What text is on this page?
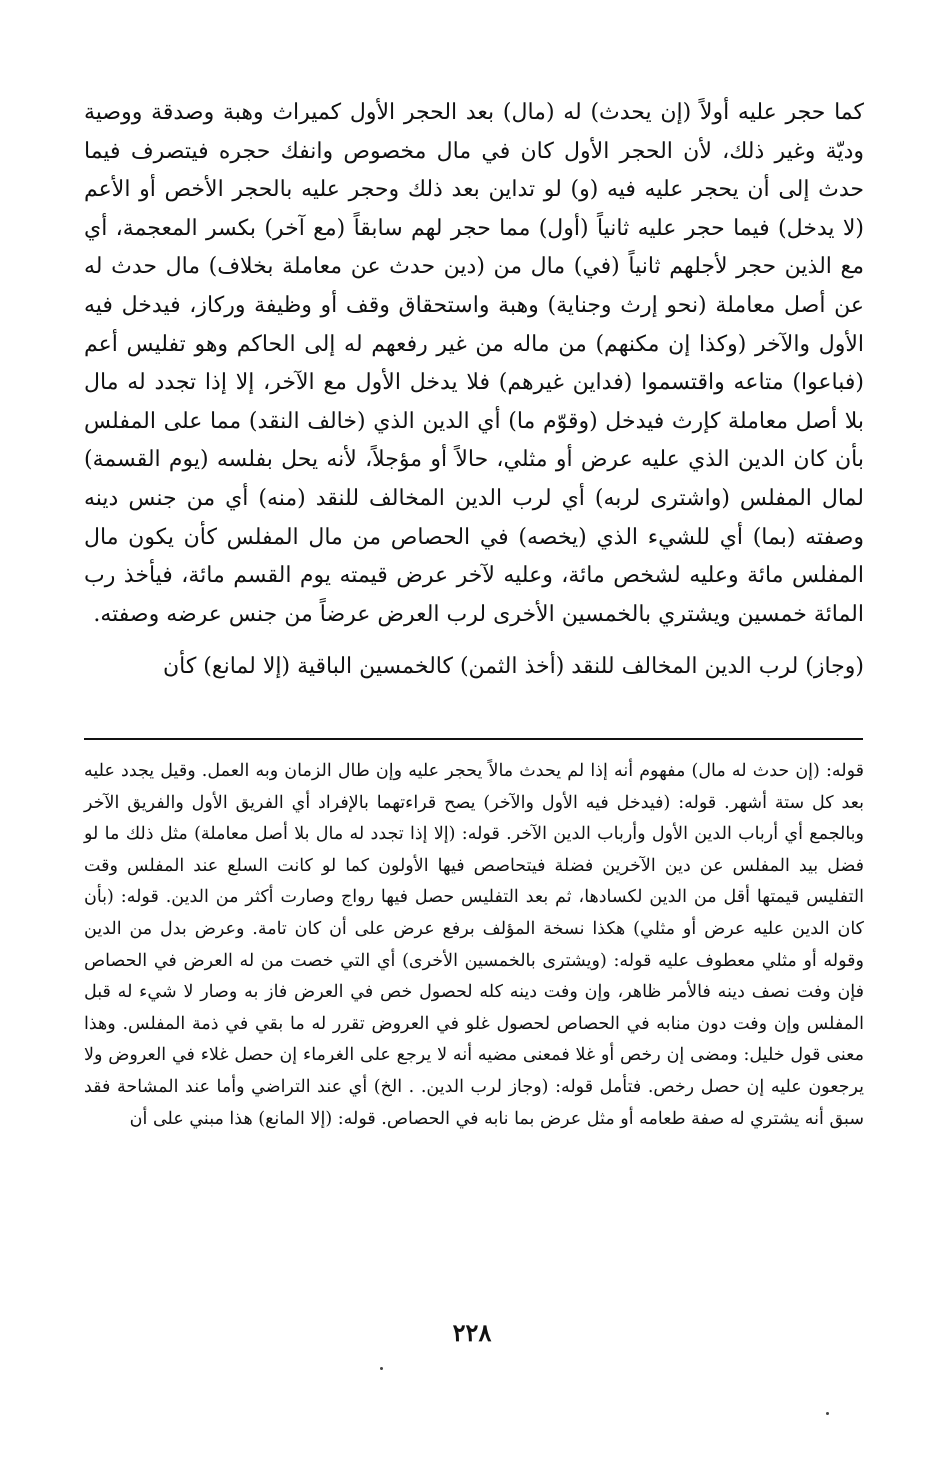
كما حجر عليه أولاً (إن يحدث) له (مال) بعد الحجر الأول كميراث وهبة وصدقة ووصية وديّة وغير ذلك، لأن الحجر الأول كان في مال مخصوص وانفك حجره فيتصرف فيما حدث إلى أن يحجر عليه فيه (و) لو تداين بعد ذلك وحجر عليه بالحجر الأخص أو الأعم (لا يدخل) فيما حجر عليه ثانياً (أول) مما حجر لهم سابقاً (مع آخر) بكسر المعجمة، أي مع الذين حجر لأجلهم ثانياً (في) مال من (دين حدث عن معاملة بخلاف) مال حدث له عن أصل معاملة (نحو إرث وجناية) وهبة واستحقاق وقف أو وظيفة وركاز، فيدخل فيه الأول والآخر (وكذا إن مكنهم) من ماله من غير رفعهم له إلى الحاكم وهو تفليس أعم (فباعوا) متاعه واقتسموا (فداين غيرهم) فلا يدخل الأول مع الآخر، إلا إذا تجدد له مال بلا أصل معاملة كإرث فيدخل (وقوّم ما) أي الدين الذي (خالف النقد) مما على المفلس بأن كان الدين الذي عليه عرض أو مثلي، حالاً أو مؤجلاً، لأنه يحل بفلسه (يوم القسمة) لمال المفلس (واشترى لربه) أي لرب الدين المخالف للنقد (منه) أي من جنس دينه وصفته (بما) أي للشيء الذي (يخصه) في الحصاص من مال المفلس كأن يكون مال المفلس مائة وعليه لشخص مائة، وعليه لآخر عرض قيمته يوم القسم مائة، فيأخذ رب المائة خمسين ويشتري بالخمسين الأخرى لرب العرض عرضاً من جنس عرضه وصفته.

(وجاز) لرب الدين المخالف للنقد (أخذ الثمن) كالخمسين الباقية (إلا لمانع) كأن

قوله: (إن حدث له مال) مفهوم أنه إذا لم يحدث مالاً يحجر عليه وإن طال الزمان وبه العمل. وقيل يجدد عليه بعد كل ستة أشهر. قوله: (فيدخل فيه الأول والآخر) يصح قراءتهما بالإفراد أي الفريق الأول والفريق الآخر وبالجمع أي أرباب الدين الأول وأرباب الدين الآخر. قوله: (إلا إذا تجدد له مال بلا أصل معاملة) مثل ذلك ما لو فضل بيد المفلس عن دين الآخرين فضلة فيتحاصص فيها الأولون كما لو كانت السلع عند المفلس وقت التفليس قيمتها أقل من الدين لكسادها، ثم بعد التفليس حصل فيها رواج وصارت أكثر من الدين. قوله: (بأن كان الدين عليه عرض أو مثلي) هكذا نسخة المؤلف برفع عرض على أن كان تامة. وعرض بدل من الدين وقوله أو مثلي معطوف عليه قوله: (ويشترى بالخمسين الأخرى) أي التي خصت من له العرض في الحصاص فإن وفت نصف دينه فالأمر ظاهر، وإن وفت دينه كله لحصول خص في العرض فاز به وصار لا شيء له قبل المفلس وإن وفت دون منابه في الحصاص لحصول غلو في العروض تقرر له ما بقي في ذمة المفلس. وهذا معنى قول خليل: ومضى إن رخص أو غلا فمعنى مضيه أنه لا يرجع على الغرماء إن حصل غلاء في العروض ولا يرجعون عليه إن حصل رخص. فتأمل قوله: (وجاز لرب الدين. . الخ) أي عند التراضي وأما عند المشاحة فقد سبق أنه يشتري له صفة طعامه أو مثل عرض بما نابه في الحصاص. قوله: (إلا المانع) هذا مبني على أن

٢٢٨
